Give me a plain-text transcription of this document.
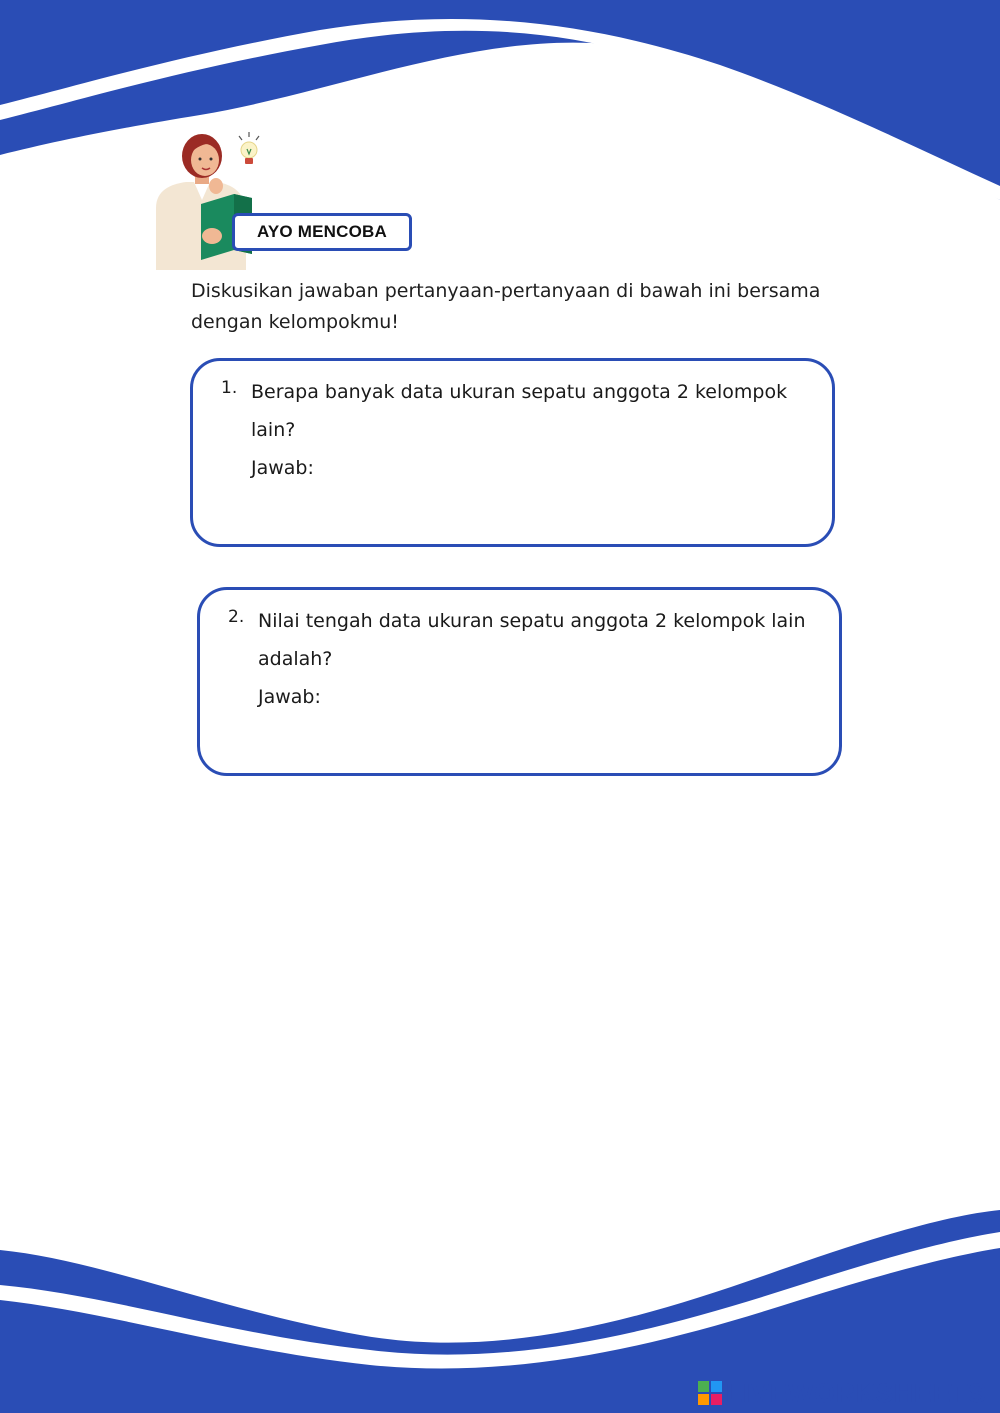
AYO MENCOBA
Diskusikan jawaban pertanyaan-pertanyaan di bawah ini bersama dengan kelompokmu!
1. Berapa banyak data ukuran sepatu anggota 2 kelompok lain?
Jawab:
2. Nilai tengah data ukuran sepatu anggota 2 kelompok lain adalah?
Jawab:
LIVEWORKSHEETS
